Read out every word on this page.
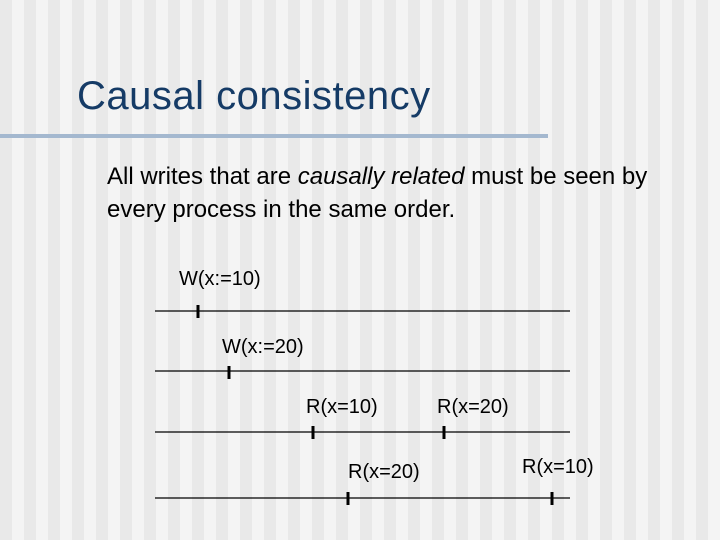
Causal consistency

All writes that are causally related must be seen by every process in the same order.

W(x:=10)
W(x:=20)
R(x=10)	R(x=20)
R(x=20)	R(x=10)
